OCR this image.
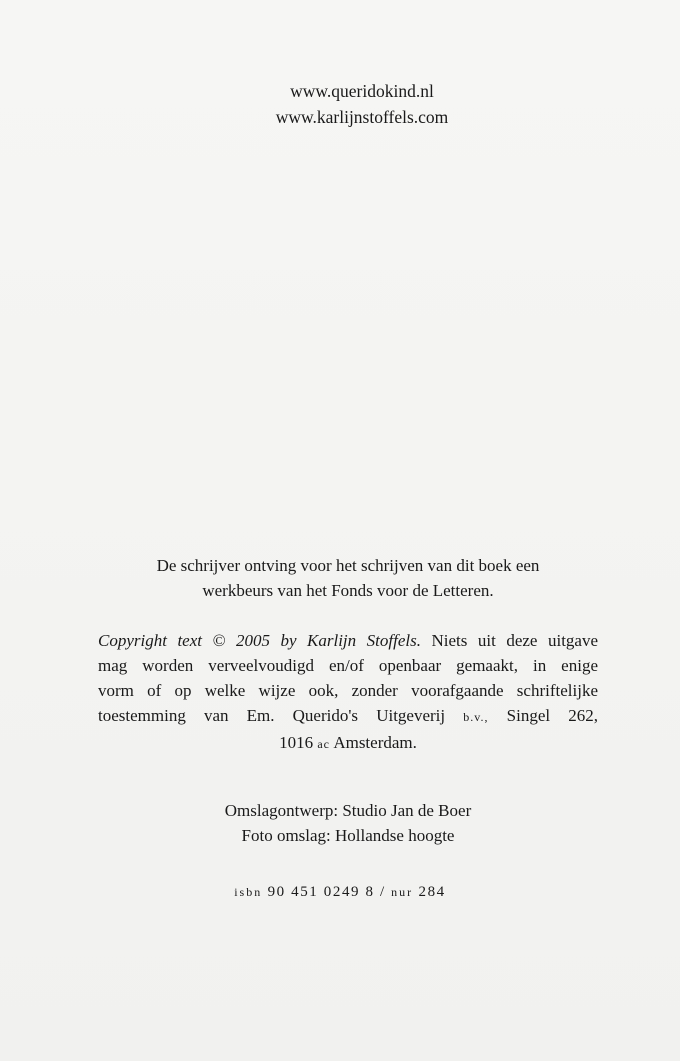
www.queridokind.nl
www.karlijnstoffels.com
De schrijver ontving voor het schrijven van dit boek een
werkbeurs van het Fonds voor de Letteren.
Copyright text © 2005 by Karlijn Stoffels. Niets uit deze uitgave
mag worden verveelvoudigd en/of openbaar gemaakt, in enige
vorm of op welke wijze ook, zonder voorafgaande schriftelijke
toestemming van Em. Querido's Uitgeverij b.v., Singel 262,
1016 ac Amsterdam.
Omslagontwerp: Studio Jan de Boer
Foto omslag: Hollandse hoogte
isbn 90 451 0249 8 / nur 284
